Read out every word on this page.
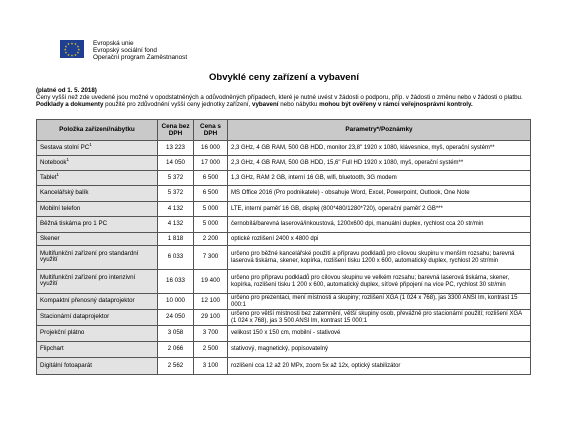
★ ★
★
★
★
★
★
★
★
★
★
★	Evropská unie
Evropský sociální fond
Operační program Zaměstnanost
Obvyklé ceny zařízení a vybavení
(platné od 1. 5. 2018)
Ceny vyšší než zde uvedené jsou možné v opodstatněných a odůvodněných případech, které je nutné uvést v žádosti o podporu, příp. v žádosti o změnu nebo v žádosti o platbu. Podklady a dokumenty použité pro zdůvodnění vyšší ceny jednotky zařízení, vybavení nebo nábytku mohou být ověřeny v rámci veřejnosprávní kontroly.
Položka zařízení/nábytku	Cena bez DPH	Cena s DPH	Parametry*/Poznámky
Sestava stolní $PC^1$	13 223	16 000	2,3 GHz, 4 GB RAM, 500 GB HDD, monitor 23,8" 1920 x 1080, klávesnice, myš, operační systém**
Notebook$^1$	14 050	17 000	2,3 GHz, 4 GB RAM, 500 GB HDD, 15,6" Full HD 1920 x 1080, myš, operační systém**
Tablet$^1$	5 372	6 500	1,3 GHz, RAM 2 GB, interní 16 GB, wifi, bluetooth, 3G modem
Kancelářský balík	5 372	6 500	MS Office 2016 (Pro podnikatele) - obsahuje Word, Excel, Powerpoint, Outlook, One Note
Mobilní telefon	4 132	5 000	LTE, interní paměť 16 GB, displej (800*480/1280*720), operační paměť 2 GB***
Běžná tiskárna pro 1 PC	4 132	5 000	černobílá/barevná laserová/inkoustová, 1200x600 dpi, manuální duplex, rychlost cca 20 str/min
Skener	1 818	2 200	optické rozlišení 2400 x 4800 dpi
Multifunkční zařízení pro standardní využití	6 033	7 300	určeno pro běžné kancelářské použití a přípravu podkladů pro cílovou skupinu v menším rozsahu; barevná laserová tiskárna, skener, kopírka, rozlišení tisku 1200 x 600, automatický duplex, rychlost 20 str/min
Multifunkční zařízení pro intenzivní využití	16 033	19 400	určeno pro přípravu podkladů pro cílovou skupinu ve velkém rozsahu; barevná laserová tiskárna, skener, kopírka, rozlišení tisku 1 200 x 600, automatický duplex, síťové připojení na více PC, rychlost 30 str/min
Kompaktní přenosný dataprojektor	10 000	12 100	určeno pro prezentaci, mení místnosti a skupiny; rozlišení XGA (1 024 x 768), jas 3300 ANSI lm, kontrast 15 000:1
Stacionární dataprojektor	24 050	29 100	určeno pro větší místnosti bez zatemnění, větší skupiny osob, převážně pro stacionární použití; rozlišení XGA (1 024 x 768), jas 3 500 ANSI lm, kontrast 15 000:1
Projekční plátno	3 058	3 700	velikost 150 x 150 cm, mobilní - stativové
Flipchart	2 066	2 500	stativový, magnetický, popisovatelný
Digitální fotoaparát	2 562	3 100	rozlišení cca 12 až 20 MPx, zoom 5x až 12x, optický stabilizátor
